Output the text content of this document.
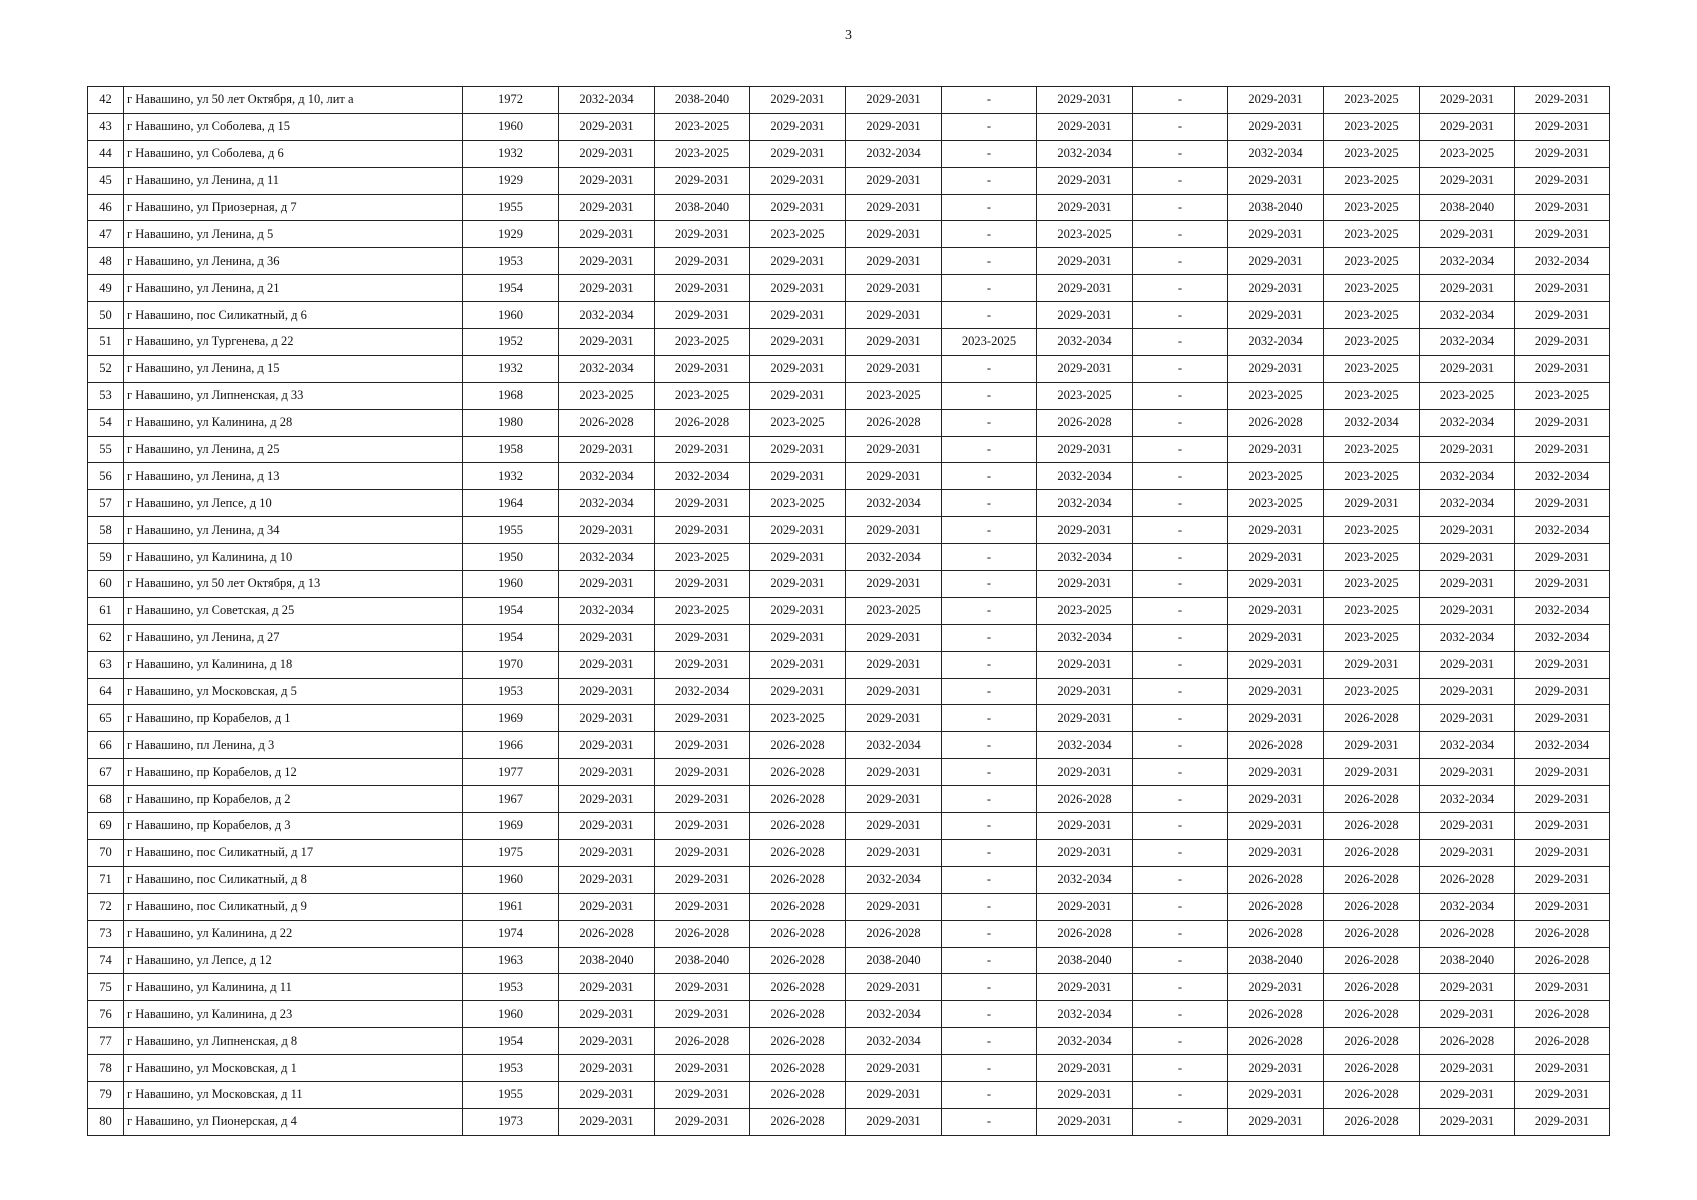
3
42	г Навашино, ул 50 лет Октября, д 10, лит а	1972	2032-2034	2038-2040	2029-2031	2029-2031	-	2029-2031	-	2029-2031	2023-2025	2029-2031	2029-2031
43	г Навашино, ул Соболева, д 15	1960	2029-2031	2023-2025	2029-2031	2029-2031	-	2029-2031	-	2029-2031	2023-2025	2029-2031	2029-2031
44	г Навашино, ул Соболева, д 6	1932	2029-2031	2023-2025	2029-2031	2032-2034	-	2032-2034	-	2032-2034	2023-2025	2023-2025	2029-2031
45	г Навашино, ул Ленина, д 11	1929	2029-2031	2029-2031	2029-2031	2029-2031	-	2029-2031	-	2029-2031	2023-2025	2029-2031	2029-2031
46	г Навашино, ул Приозерная, д 7	1955	2029-2031	2038-2040	2029-2031	2029-2031	-	2029-2031	-	2038-2040	2023-2025	2038-2040	2029-2031
47	г Навашино, ул Ленина, д 5	1929	2029-2031	2029-2031	2023-2025	2029-2031	-	2023-2025	-	2029-2031	2023-2025	2029-2031	2029-2031
48	г Навашино, ул Ленина, д 36	1953	2029-2031	2029-2031	2029-2031	2029-2031	-	2029-2031	-	2029-2031	2023-2025	2032-2034	2032-2034
49	г Навашино, ул Ленина, д 21	1954	2029-2031	2029-2031	2029-2031	2029-2031	-	2029-2031	-	2029-2031	2023-2025	2029-2031	2029-2031
50	г Навашино, пос Силикатный, д 6	1960	2032-2034	2029-2031	2029-2031	2029-2031	-	2029-2031	-	2029-2031	2023-2025	2032-2034	2029-2031
51	г Навашино, ул Тургенева, д 22	1952	2029-2031	2023-2025	2029-2031	2029-2031	2023-2025	2032-2034	-	2032-2034	2023-2025	2032-2034	2029-2031
52	г Навашино, ул Ленина, д 15	1932	2032-2034	2029-2031	2029-2031	2029-2031	-	2029-2031	-	2029-2031	2023-2025	2029-2031	2029-2031
53	г Навашино, ул Липненская, д 33	1968	2023-2025	2023-2025	2029-2031	2023-2025	-	2023-2025	-	2023-2025	2023-2025	2023-2025	2023-2025
54	г Навашино, ул Калинина, д 28	1980	2026-2028	2026-2028	2023-2025	2026-2028	-	2026-2028	-	2026-2028	2032-2034	2032-2034	2029-2031
55	г Навашино, ул Ленина, д 25	1958	2029-2031	2029-2031	2029-2031	2029-2031	-	2029-2031	-	2029-2031	2023-2025	2029-2031	2029-2031
56	г Навашино, ул Ленина, д 13	1932	2032-2034	2032-2034	2029-2031	2029-2031	-	2032-2034	-	2023-2025	2023-2025	2032-2034	2032-2034
57	г Навашино, ул Лепсе, д 10	1964	2032-2034	2029-2031	2023-2025	2032-2034	-	2032-2034	-	2023-2025	2029-2031	2032-2034	2029-2031
58	г Навашино, ул Ленина, д 34	1955	2029-2031	2029-2031	2029-2031	2029-2031	-	2029-2031	-	2029-2031	2023-2025	2029-2031	2032-2034
59	г Навашино, ул Калинина, д 10	1950	2032-2034	2023-2025	2029-2031	2032-2034	-	2032-2034	-	2029-2031	2023-2025	2029-2031	2029-2031
60	г Навашино, ул 50 лет Октября, д 13	1960	2029-2031	2029-2031	2029-2031	2029-2031	-	2029-2031	-	2029-2031	2023-2025	2029-2031	2029-2031
61	г Навашино, ул Советская, д 25	1954	2032-2034	2023-2025	2029-2031	2023-2025	-	2023-2025	-	2029-2031	2023-2025	2029-2031	2032-2034
62	г Навашино, ул Ленина, д 27	1954	2029-2031	2029-2031	2029-2031	2029-2031	-	2032-2034	-	2029-2031	2023-2025	2032-2034	2032-2034
63	г Навашино, ул Калинина, д 18	1970	2029-2031	2029-2031	2029-2031	2029-2031	-	2029-2031	-	2029-2031	2029-2031	2029-2031	2029-2031
64	г Навашино, ул Московская, д 5	1953	2029-2031	2032-2034	2029-2031	2029-2031	-	2029-2031	-	2029-2031	2023-2025	2029-2031	2029-2031
65	г Навашино, пр Корабелов, д 1	1969	2029-2031	2029-2031	2023-2025	2029-2031	-	2029-2031	-	2029-2031	2026-2028	2029-2031	2029-2031
66	г Навашино, пл Ленина, д 3	1966	2029-2031	2029-2031	2026-2028	2032-2034	-	2032-2034	-	2026-2028	2029-2031	2032-2034	2032-2034
67	г Навашино, пр Корабелов, д 12	1977	2029-2031	2029-2031	2026-2028	2029-2031	-	2029-2031	-	2029-2031	2029-2031	2029-2031	2029-2031
68	г Навашино, пр Корабелов, д 2	1967	2029-2031	2029-2031	2026-2028	2029-2031	-	2026-2028	-	2029-2031	2026-2028	2032-2034	2029-2031
69	г Навашино, пр Корабелов, д 3	1969	2029-2031	2029-2031	2026-2028	2029-2031	-	2029-2031	-	2029-2031	2026-2028	2029-2031	2029-2031
70	г Навашино, пос Силикатный, д 17	1975	2029-2031	2029-2031	2026-2028	2029-2031	-	2029-2031	-	2029-2031	2026-2028	2029-2031	2029-2031
71	г Навашино, пос Силикатный, д 8	1960	2029-2031	2029-2031	2026-2028	2032-2034	-	2032-2034	-	2026-2028	2026-2028	2026-2028	2029-2031
72	г Навашино, пос Силикатный, д 9	1961	2029-2031	2029-2031	2026-2028	2029-2031	-	2029-2031	-	2026-2028	2026-2028	2032-2034	2029-2031
73	г Навашино, ул Калинина, д 22	1974	2026-2028	2026-2028	2026-2028	2026-2028	-	2026-2028	-	2026-2028	2026-2028	2026-2028	2026-2028
74	г Навашино, ул Лепсе, д 12	1963	2038-2040	2038-2040	2026-2028	2038-2040	-	2038-2040	-	2038-2040	2026-2028	2038-2040	2026-2028
75	г Навашино, ул Калинина, д 11	1953	2029-2031	2029-2031	2026-2028	2029-2031	-	2029-2031	-	2029-2031	2026-2028	2029-2031	2029-2031
76	г Навашино, ул Калинина, д 23	1960	2029-2031	2029-2031	2026-2028	2032-2034	-	2032-2034	-	2026-2028	2026-2028	2029-2031	2026-2028
77	г Навашино, ул Липненская, д 8	1954	2029-2031	2026-2028	2026-2028	2032-2034	-	2032-2034	-	2026-2028	2026-2028	2026-2028	2026-2028
78	г Навашино, ул Московская, д 1	1953	2029-2031	2029-2031	2026-2028	2029-2031	-	2029-2031	-	2029-2031	2026-2028	2029-2031	2029-2031
79	г Навашино, ул Московская, д 11	1955	2029-2031	2029-2031	2026-2028	2029-2031	-	2029-2031	-	2029-2031	2026-2028	2029-2031	2029-2031
80	г Навашино, ул Пионерская, д 4	1973	2029-2031	2029-2031	2026-2028	2029-2031	-	2029-2031	-	2029-2031	2026-2028	2029-2031	2029-2031
